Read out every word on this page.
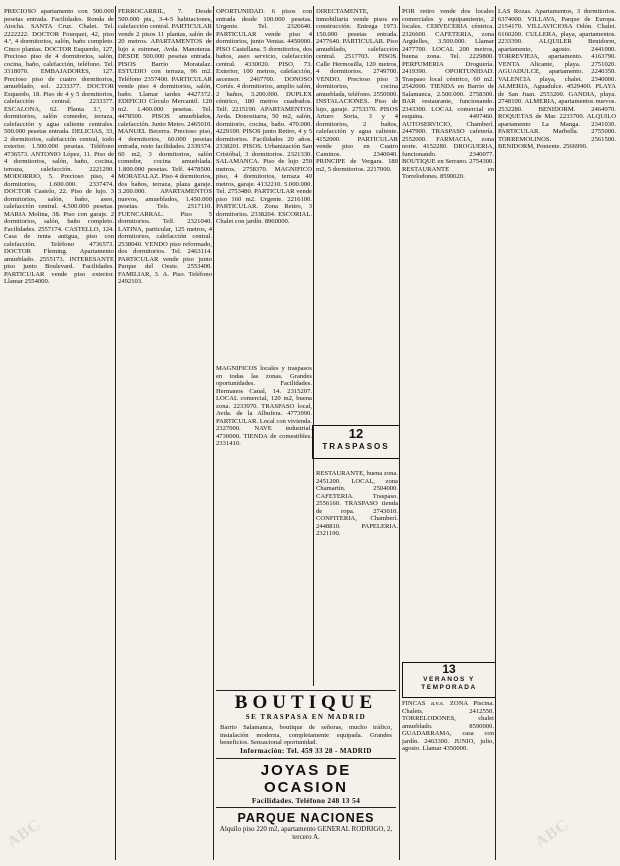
PRECIOSO apartamento con 500.000 pesetas entrada. Facilidades. Ronda de Atocha. SANTA Cruz. Chalet. Tel. 2222222. DOCTOR Fourquet, 42, piso 4.º, 4 dormitorios, salón, baño completo. Cinco plantas. DOCTOR Esquerdo, 127, Precioso piso de 4 dormitorios, salón, cocina, baño, calefacción, teléfono. Tel. 3318070. EMBAJADORES, 127. Precioso piso de cuatro dormitorios, amueblado, sol. 2233377. DOCTOR Esquerdo, 18. Piso de 4 y 5 dormitorios, calefacción central. 2233377. ESCALONA, 62. Planta 3.ª, 3 dormitorios, salón comedor, terraza, calefacción y agua caliente centrales. 500.000 pesetas entrada. DELICIAS, 33, 2 dormitorios, calefacción central, todo exterior. 1.500.000 pesetas. Teléfono 4736573. ANTONIO López, 11. Piso de 4 dormitorios, salón, baño, cocina, terraza, calefacción. 2221290. MODORRIO, 5. Precioso piso, 4 dormitorios, 1.600.000. 2337474. DOCTOR Castelo, 22. Piso de lujo. 3 dormitorios, salón, baño, aseo, calefacción central. 4.500.000 pesetas. MARIA Molina, 38. Piso con garaje. 2 dormitorios, salón, baño completo. Facilidades. 2557174. CASTELLO, 124. Casa de renta antigua, piso con calefacción. Teléfono 4736573. DOCTOR Fleming. Apartamento amueblado. 2555173. INTERESANTE piso junto Boulevard. Facilidades. PARTICULAR vende piso exterior. Llamar 2554000.

FERROCARRIL, 7. Desde 500.000 pts., 3-4-5 habitaciones, calefacción central. PARTICULAR vende 2 pisos 11 plantas, salón de 20 metros. APARTAMENTOS de lujo a estrenar, Avda. Manoteras. DESDE 500.000 pesetas entrada. PISOS Barrio Moratalaz. ESTUDIO con terraza, 96 m2. Teléfono 2357400. PARTICULAR vende piso 4 dormitorios, salón, baño. Llamar tardes 4427372. EDIFICIO Círculo Mercantil. 120 m2. 1.400.000 pesetas. Tel. 4478500. PISOS amueblados, calefacción. Junto Metro. 2465010. MANUEL Becerra. Precioso piso, 4 dormitorios, 60.000 pesetas entrada, resto facilidades. 2339374. 60 m2, 3 dormitorios, salón comedor, cocina amueblada. 1.800.000 pesetas. Telf. 4478500. MORATALAZ. Piso 4 dormitorios, dos baños, terraza, plaza garaje. 3.200.000. APARTAMENTOS nuevos, amueblados, 1.450.000 pesetas. Tels. 2517110. FUENCARRAL. Piso 5 dormitorios. Telf. 2321040. LATINA, particular, 125 metros, 4 dormitorios, calefacción central. 2538040. VENDO piso reformado, dos dormitorios. Tel. 2463114. PARTICULAR vende piso junto Parque del Oeste. 2553400. FAMILIAR, 3. A. Piso. Teléfono 2492103.

OPORTUNIDAD. 6 pisos con entrada desde 100.000 pesetas. Urgente. Tel. 2326640. PARTICULAR vende piso 4 dormitorios, junto Ventas. 4450000. PISO Castellana. 5 dormitorios, dos baños, aseo servicio, calefacción central. 4330020. PISO, 73. Exterior, 100 metros, calefacción, ascensor. 2467700. DONOSO Cortés. 4 dormitorios, amplio salón, 2 baños, 3.200.000. DUPLEX céntrico, 180 metros cuadrados. Telf. 2215190. APARTAMENTOS Avda. Donostiarra, 50 m2, salón, dormitorio, cocina, baño. 470.000. 4229100. PISOS junto Retiro, 4 y 5 dormitorios. Facilidades 20 años. 2338201. PISOS. Urbanización San Cristóbal, 3 dormitorios. 2321330. SALAMANCA. Piso de lujo 250 metros. 2758370. MAGNIFICO piso, 4 dormitorios, terraza 40 metros, garaje. 4132210. 5.000.000. Tel. 2753480. PARTICULAR vende piso 160 m2. Urgente. 2216100. PARTICULAR. Zona Retiro, 3 dormitorios. 2338204. ESCORIAL. Chalet con jardín. 8960000.

DIRECTAMENTE, inmobiliaria vende pisos en construcción. Entrega 1973. 150.000 pesetas entrada. 2477640. PARTICULAR. Piso amueblado, calefacción central. 2517703. PISOS. Calle Hermosilla, 120 metros, 4 dormitorios. 2749700. VENDO. Precioso piso 3 dormitorios, cocina amueblada, teléfono. 2550000. INSTALACIONES. Piso de lujo, garaje. 2753370. PISOS Arturo Soria, 3 y 4 dormitorios, 2 baños, calefacción y agua caliente. 4152000. PARTICULAR vende piso en Cuatro Caminos. 2340040. PRINCIPE de Vergara. 180 m2, 5 dormitorios. 2217000.

POR retiro vende dos locales comerciales y equipamiento, 2 locales. CERVECERIA céntrica. 2326600. CAFETERIA, zona Argüelles, 3.500.000. Llamar 2477700. LOCAL 200 metros, buena zona. Tel. 2229800. PERFUMERIA Droguería. 2419390. OPORTUNIDAD. Traspaso local céntrico, 60 m2. 2542000. TIENDA en Barrio de Salamanca, 2.500.000. 2758300. BAR restaurante, funcionando. 2343300. LOCAL comercial en esquina. 4497460. AUTOSERVICIO, Chamberí. 2447900. TRASPASO cafetería. 2552000. FARMACIA, zona norte. 4152280. DROGUERIA, funcionando. 2340077. BOUTIQUE en Serrano. 2754300. RESTAURANTE en Torrelodones. 8590020.

LAS Rozas. Apartamentos, 3 dormitorios. 6374000. VILLAVA, Parque de Europa. 2154170. VILLAVICIOSA Odón. Chalet. 6160200. CULLERA, playa, apartamentos. 2233390. ALQUILER Benidorm, apartamento, agosto. 2441000. TORREVIEJA, apartamento. 4163790. VENTA Alicante, playa. 2751020. AGUADULCE, apartamento. 2240350. VALENCIA playa, chalet. 2340000. ALMERIA, Aguadulce. 4529400. PLAYA de San Juan. 2553200. GANDIA, playa. 2748100. ALMERIA, apartamentos nuevos. 2532280. BENIDORM. 2464970. ROQUETAS de Mar. 2233700. ALQUILO apartamento La Manga. 2341030. PARTICULAR. Marbella. 2755000. TORREMOLINOS. 2561500. BENIDORM, Poniente. 2566990.

MAGNIFICOS locales y traspasos en todas las zonas. Grandes oportunidades. Facilidades. Hermanos Canal, 14. 2315207. LOCAL comercial, 120 m2, buena zona. 2233970. TRASPASO local, Avda. de la Albufera. 4773990. PARTICULAR. Local con vivienda. 2327000. NAVE industrial. 4730000. TIENDA de comestibles. 2331410.

RESTAURANTE, buena zona. 2451200. LOCAL, zona Chamartín. 2504000. CAFETERIA. Traspaso. 2556160. TRASPASO tienda de ropa. 2743010. CONFITERIA, Chamberí. 2448810. PAPELERIA. 2321190.

FINCAS a.v.s. ZONA Piscina. Chalets. 2412550. TORRELODONES, chalet amueblado. 8590000. GUADARRAMA, casa con jardín. 2463300. JUNIO, julio, agosto. Llamar 4350000.

12
TRASPASOS
13
VERANOS Y TEMPORADA
BOUTIQUE
SE TRASPASA EN MADRID
Barrio Salamanca, boutique de señoras, mucho tráfico, instalación moderna, completamente equipada. Grandes beneficios. Sensacional oportunidad.
Información: Tel. 459 33 28 - MADRID
JOYAS DE OCASION
Facilidades. Teléfono 248 13 54
PARQUE NACIONES
Alquilo piso 220 m2, apartamento GENERAL RODRIGO, 2, tercero A.
ABC	ABC
